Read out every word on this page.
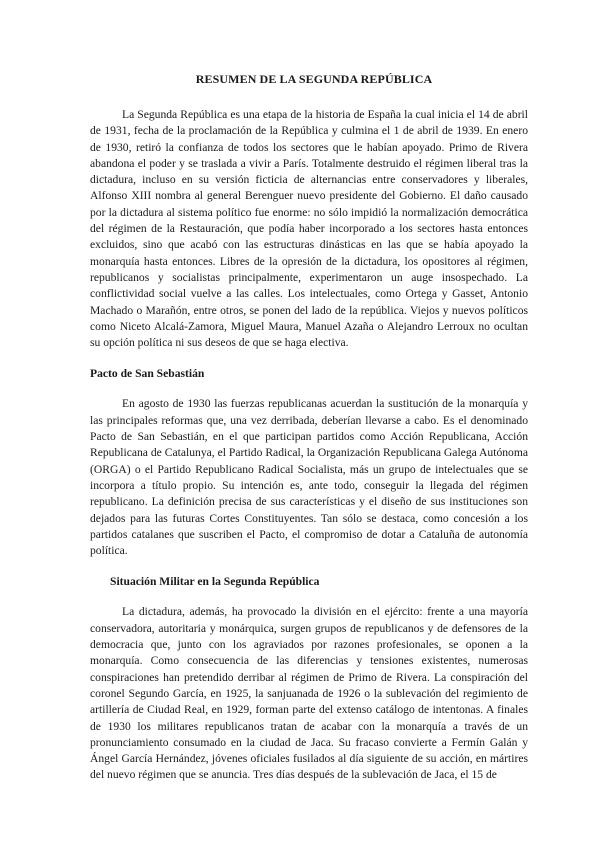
RESUMEN DE LA SEGUNDA REPÚBLICA

La Segunda República es una etapa de la historia de España la cual inicia el 14 de abril de 1931, fecha de la proclamación de la República y culmina el 1 de abril de 1939. En enero de 1930, retiró la confianza de todos los sectores que le habían apoyado. Primo de Rivera abandona el poder y se traslada a vivir a París. Totalmente destruido el régimen liberal tras la dictadura, incluso en su versión ficticia de alternancias entre conservadores y liberales, Alfonso XIII nombra al general Berenguer nuevo presidente del Gobierno. El daño causado por la dictadura al sistema político fue enorme: no sólo impidió la normalización democrática del régimen de la Restauración, que podía haber incorporado a los sectores hasta entonces excluidos, sino que acabó con las estructuras dinásticas en las que se había apoyado la monarquía hasta entonces. Libres de la opresión de la dictadura, los opositores al régimen, republicanos y socialistas principalmente, experimentaron un auge insospechado. La conflictividad social vuelve a las calles. Los intelectuales, como Ortega y Gasset, Antonio Machado o Marañón, entre otros, se ponen del lado de la república. Viejos y nuevos políticos como Niceto Alcalá-Zamora, Miguel Maura, Manuel Azaña o Alejandro Lerroux no ocultan su opción política ni sus deseos de que se haga electiva.

Pacto de San Sebastián

En agosto de 1930 las fuerzas republicanas acuerdan la sustitución de la monarquía y las principales reformas que, una vez derribada, deberían llevarse a cabo. Es el denominado Pacto de San Sebastián, en el que participan partidos como Acción Republicana, Acción Republicana de Catalunya, el Partido Radical, la Organización Republicana Galega Autónoma (ORGA) o el Partido Republicano Radical Socialista, más un grupo de intelectuales que se incorpora a título propio. Su intención es, ante todo, conseguir la llegada del régimen republicano. La definición precisa de sus características y el diseño de sus instituciones son dejados para las futuras Cortes Constituyentes. Tan sólo se destaca, como concesión a los partidos catalanes que suscriben el Pacto, el compromiso de dotar a Cataluña de autonomía política.

Situación Militar en la Segunda República

La dictadura, además, ha provocado la división en el ejército: frente a una mayoría conservadora, autoritaria y monárquica, surgen grupos de republicanos y de defensores de la democracia que, junto con los agraviados por razones profesionales, se oponen a la monarquía. Como consecuencia de las diferencias y tensiones existentes, numerosas conspiraciones han pretendido derribar al régimen de Primo de Rivera. La conspiración del coronel Segundo García, en 1925, la sanjuanada de 1926 o la sublevación del regimiento de artillería de Ciudad Real, en 1929, forman parte del extenso catálogo de intentonas. A finales de 1930 los militares republicanos tratan de acabar con la monarquía a través de un pronunciamiento consumado en la ciudad de Jaca. Su fracaso convierte a Fermín Galán y Ángel García Hernández, jóvenes oficiales fusilados al día siguiente de su acción, en mártires del nuevo régimen que se anuncia. Tres días después de la sublevación de Jaca, el 15 de
